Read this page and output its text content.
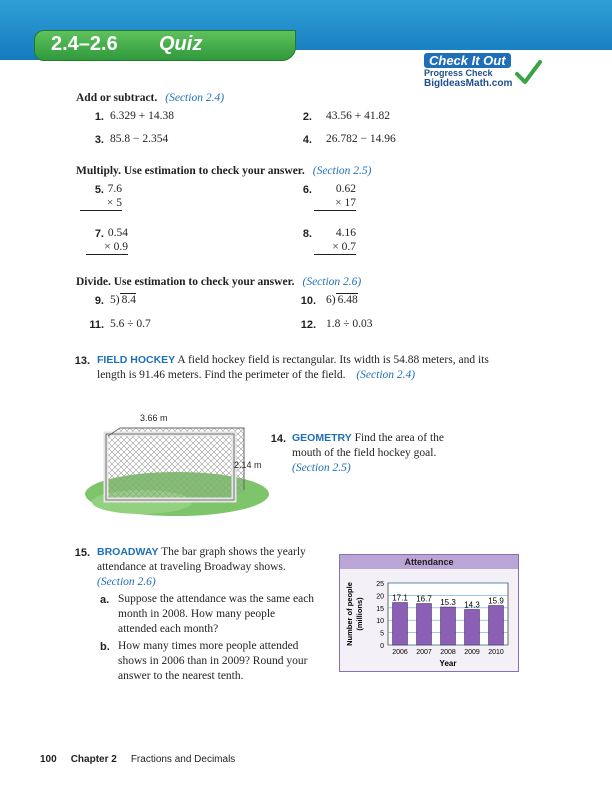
2.4–2.6 Quiz
Check It Out
Progress Check
BigIdeasMath.com
Add or subtract. (Section 2.4)
1. 6.329 + 14.38	2. 43.56 + 41.82
3. 85.8 − 2.354	4. 26.782 − 14.96
Multiply. Use estimation to check your answer. (Section 2.5)
5. 7.6
× 5
6.	0.62
× 17
7. 0.54
× 0.9
8.	4.16
× 0.7
Divide. Use estimation to check your answer. (Section 2.6)
9. 5) 8.4	10. 6) 6.48
11. 5.6 ÷ 0.7	12. 1.8 ÷ 0.03
13. FIELD HOCKEY A field hockey field is rectangular. Its width is 54.88 meters, and its length is 91.46 meters. Find the perimeter of the field. (Section 2.4)
3.66 m
2.14 m
14. GEOMETRY Find the area of the mouth of the field hockey goal.
(Section 2.5)
15. BROADWAY The bar graph shows the yearly attendance at traveling Broadway shows.
(Section 2.6)
a. Suppose the attendance was the same each month in 2008. How many people attended each month?
b. How many times more people attended shows in 2006 than in 2009? Round your answer to the nearest tenth.
Attendance
0
5
10
15
20
25
17.1
2006
16.7
2007
15.3
2008
14.3
2009
15.9
2010
Year
Number of people (millions)
100 Chapter 2 Fractions and Decimals
